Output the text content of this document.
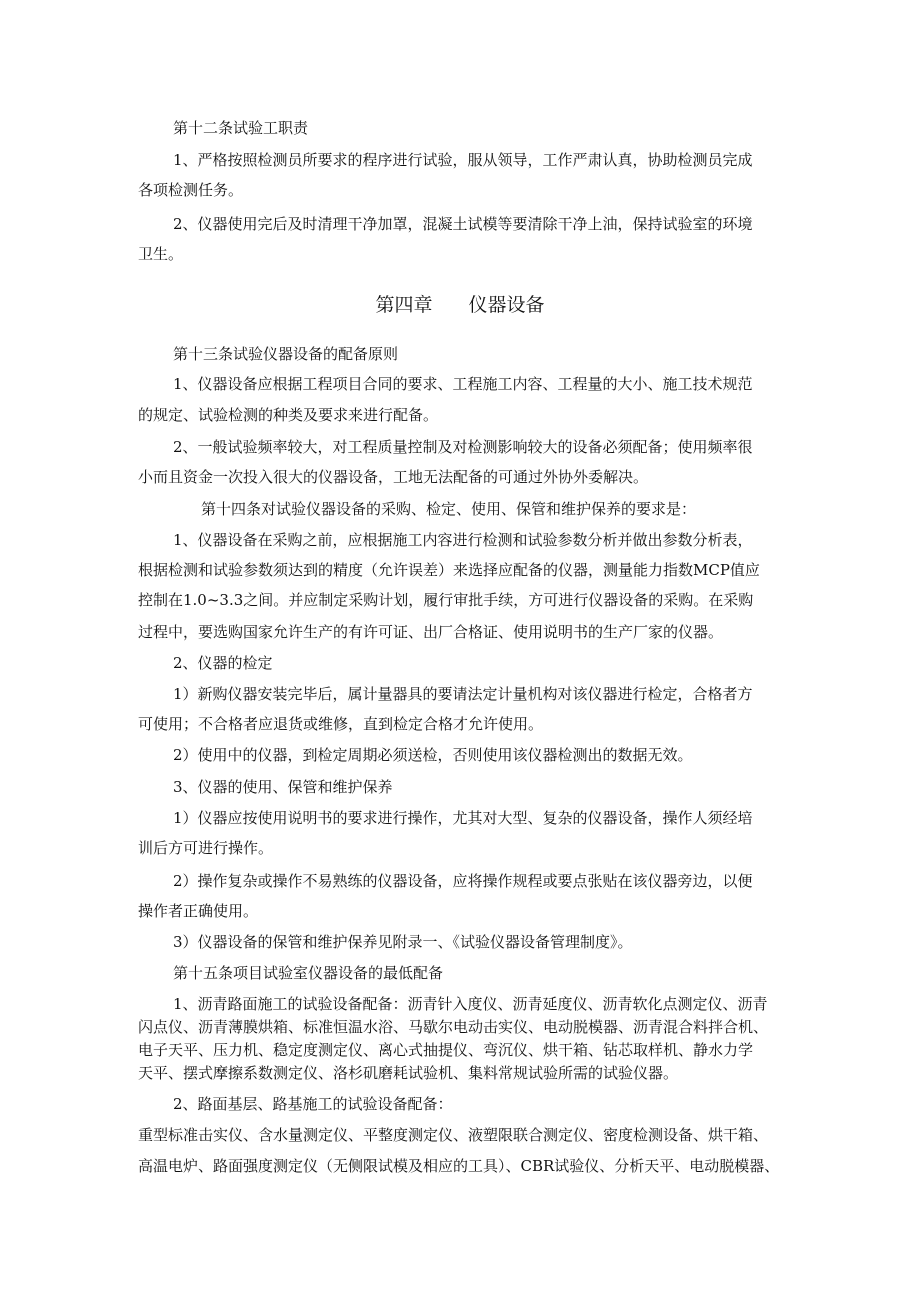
第十二条试验工职责

1、严格按照检测员所要求的程序进行试验，服从领导，工作严肃认真，协助检测员完成

各项检测任务。

2、仪器使用完后及时清理干净加罩，混凝土试模等要清除干净上油，保持试验室的环境

卫生。

第四章 仪器设备

第十三条试验仪器设备的配备原则

1、仪器设备应根据工程项目合同的要求、工程施工内容、工程量的大小、施工技术规范

的规定、试验检测的种类及要求来进行配备。

2、一般试验频率较大，对工程质量控制及对检测影响较大的设备必须配备；使用频率很

小而且资金一次投入很大的仪器设备，工地无法配备的可通过外协外委解决。

第十四条对试验仪器设备的采购、检定、使用、保管和维护保养的要求是：

1、仪器设备在采购之前，应根据施工内容进行检测和试验参数分析并做出参数分析表，

根据检测和试验参数须达到的精度（允许误差）来选择应配备的仪器，测量能力指数MCP值应

控制在1.0~3.3之间。并应制定采购计划，履行审批手续，方可进行仪器设备的采购。在采购

过程中，要选购国家允许生产的有许可证、出厂合格证、使用说明书的生产厂家的仪器。

2、仪器的检定

1）新购仪器安装完毕后，属计量器具的要请法定计量机构对该仪器进行检定，合格者方

可使用；不合格者应退货或维修，直到检定合格才允许使用。

2）使用中的仪器，到检定周期必须送检，否则使用该仪器检测出的数据无效。

3、仪器的使用、保管和维护保养

1）仪器应按使用说明书的要求进行操作，尤其对大型、复杂的仪器设备，操作人须经培

训后方可进行操作。

2）操作复杂或操作不易熟练的仪器设备，应将操作规程或要点张贴在该仪器旁边，以便

操作者正确使用。

3）仪器设备的保管和维护保养见附录一、《试验仪器设备管理制度》。

第十五条项目试验室仪器设备的最低配备

1、沥青路面施工的试验设备配备：沥青针入度仪、沥青延度仪、沥青软化点测定仪、沥青

闪点仪、沥青薄膜烘箱、标准恒温水浴、马歇尔电动击实仪、电动脱模器、沥青混合料拌合机、

电子天平、压力机、稳定度测定仪、离心式抽提仪、弯沉仪、烘干箱、钻芯取样机、静水力学

天平、摆式摩擦系数测定仪、洛杉矶磨耗试验机、集料常规试验所需的试验仪器。

2、路面基层、路基施工的试验设备配备：

重型标准击实仪、含水量测定仪、平整度测定仪、液塑限联合测定仪、密度检测设备、烘干箱、

高温电炉、路面强度测定仪（无侧限试模及相应的工具）、CBR试验仪、分析天平、电动脱模器、
